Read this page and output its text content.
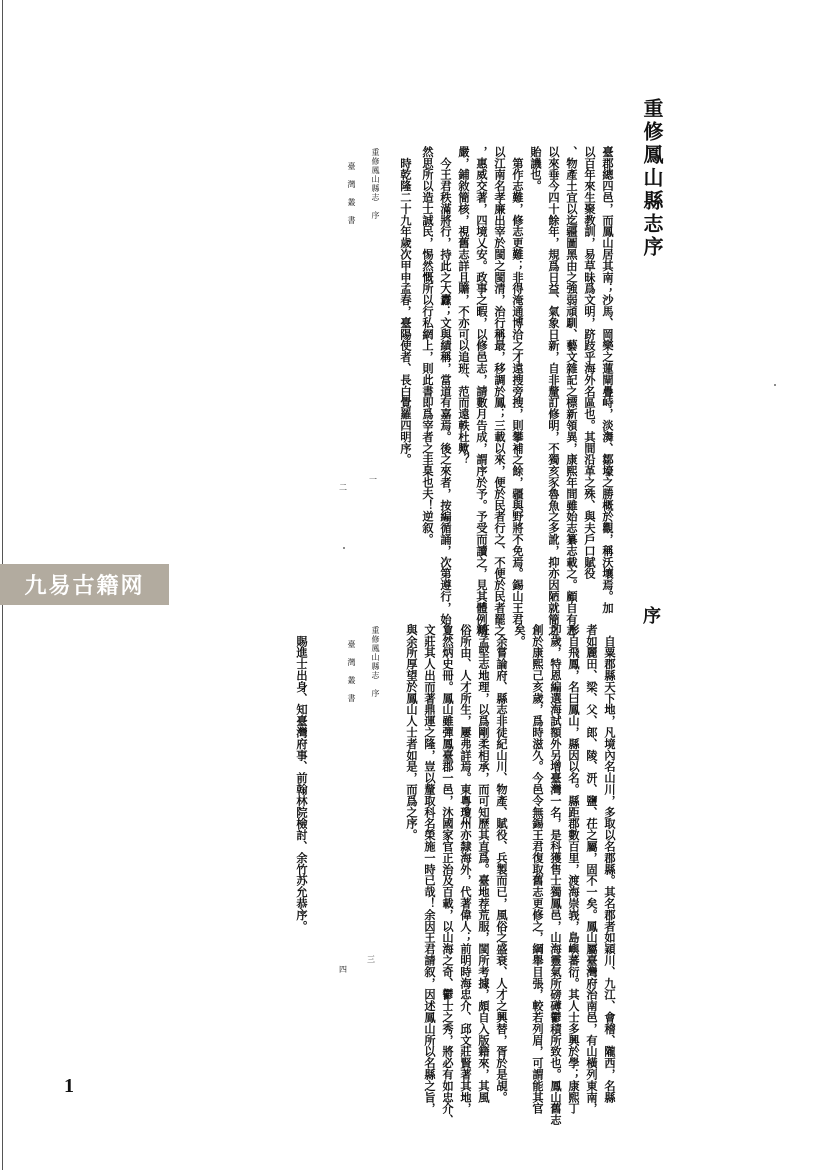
重修鳳山縣志序
臺郡總四邑，而鳳山居其南；沙馬、岡樂之蓮閘疊峙，淡㵲、鄒壕之勝概於觀，稱沃壤焉。加
以百年來生聚教訓，易草昧爲文明，跻跂乎海外名區也。其間沿革之殊、與夫戶口賦役
、物產土宜以迄疆圖黑由之強弱頑馴、藝文雜記之標新領異，康熙年間雖始志纂志載之。顧自有志
以來垂今四十餘年，規爲日益、氣象日新，自非釐訂修明，不獨亥豕魯魚之多訛，抑亦因陋就簡之
貽譏也。
　第作志難，修志更難；非得淹通博洽之才遠搜旁搜，則攀補之餘，疆與野將不免焉。錫山王君
以江南名孝廉出宰於閩之閩清，治行稱最，移調於鳳；三載以來，便於民者行之、不便於民者罷之
，惠威交著，四境乂安。政事之暇，以修邑志，請數月告成，謂序於予。予受而讀之，見其體例精
嚴，鋪敘簡核，視舊志詳且贍，不亦可以追班、范而遠軼杜歟？
　今王君秩滿將行，持此之大纛；文與績稱，當道有嘉焉。後之來者，按編循誦，次第遵行，始
然思所以造士誠民，惕然慨所以行私網上，則此書即爲宰者之圭臬也夫！逆叙。
　時乾隆二十九年歲次甲申孟春，臺陽使者、長白覺羅四明序。
重修鳳山縣志　序
臺　灣　叢　書
一
二
序
　自粟郡縣天下地，凡境內名山川，多取以名郡縣。其名郡者如穎川、九江、會稽、隴西，名縣
者如麗田、梁、父、郎、陵、汧、鹽、茌之屬，固不一矣。鳳山屬臺灣府治南邑，有山橫列東南，
形自飛鳳，名曰鳳山，縣因以名。縣距郡數百里，渡海崇峩，島嶼蕃衍。其人士多興於學；康熙丁
卯歲，特恩編選海試額外另增臺灣一名，是科獲售士獨鳳邑，山海靈氣所磅礡鬱積所致也。鳳山舊志
創於康熙己亥歲，爲時滋久。今邑令無錫王君復取舊志更修之，綱舉目張，較若列眉，可謂能其官
矣。
　余嘗論府、縣志非徒紀山川、物產、賦役、兵製而已，風俗之盛衰、人才之興替，胥於是覘。
班孟堅志地理，以爲剛柔相承，而可知歷其直爲。臺地荐荒服，閩所考據，頗自入版籍來，其風
俗所由、人才所生，屢弗詳焉。東粵瓊州亦隸海外，代著偉人；前明時海忠介、邱文莊賢著其地，
夐然炳史冊。鳳山雖彈鳳臺郡一邑，沐國家官正治及百載，以山海之奇、鬱士之秀，將必有如忠介、
文莊其人出而著鼎運之隆，豈以釐取科名榮施一時已哉！余因王君請叙，因述鳳山所以名縣之旨，
與余所厚望於鳳山人士者如是，而爲之序。
　賜進士出身、知臺灣府事、前翰林院檢討、余竹苏允恭序。	重修鳳山縣志　序
臺　灣　叢　書
三
四
九易古籍网
1
